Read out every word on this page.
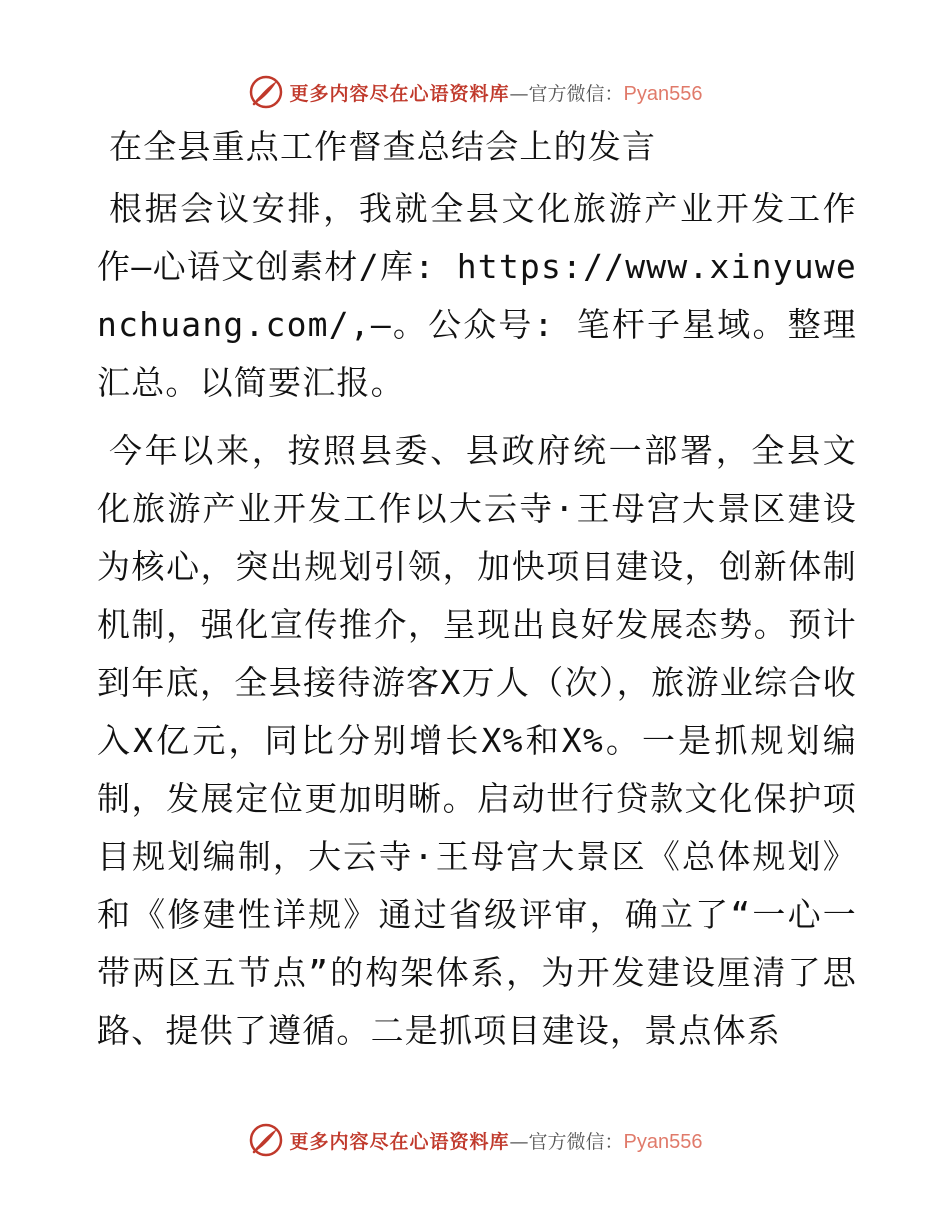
更多内容尽在心语资料库 — 官方微信： Pyan556

在全县重点工作督查总结会上的发言

根据会议安排，我就全县文化旅游产业开发工作作—心语文创素材/库: https://www.xinyuwenchuang.com/,—。公众号: 笔杆子星域。整理汇总。以简要汇报。

今年以来，按照县委、县政府统一部署，全县文化旅游产业开发工作以大云寺·王母宫大景区建设为核心，突出规划引领，加快项目建设，创新体制机制，强化宣传推介，呈现出良好发展态势。预计到年底，全县接待游客X万人（次），旅游业综合收入X亿元，同比分别增长X%和X%。一是抓规划编制，发展定位更加明晰。启动世行贷款文化保护项目规划编制，大云寺·王母宫大景区《总体规划》和《修建性详规》通过省级评审，确立了“一心一带两区五节点”的构架体系，为开发建设厘清了思路、提供了遵循。二是抓项目建设，景点体系

更多内容尽在心语资料库 — 官方微信： Pyan556
